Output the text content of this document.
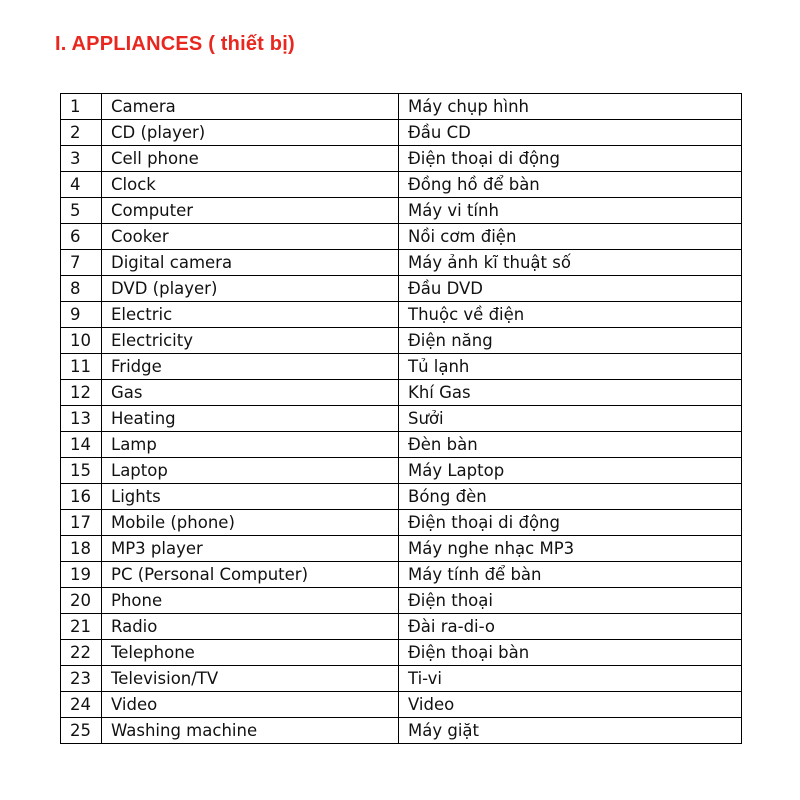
I. APPLIANCES ( thiết bị)
1	Camera	Máy chụp hình
2	CD (player)	Đầu CD
3	Cell phone	Điện thoại di động
4	Clock	Đồng hồ để bàn
5	Computer	Máy vi tính
6	Cooker	Nồi cơm điện
7	Digital camera	Máy ảnh kĩ thuật số
8	DVD (player)	Đầu DVD
9	Electric	Thuộc về điện
10	Electricity	Điện năng
11	Fridge	Tủ lạnh
12	Gas	Khí Gas
13	Heating	Sưởi
14	Lamp	Đèn bàn
15	Laptop	Máy Laptop
16	Lights	Bóng đèn
17	Mobile (phone)	Điện thoại di động
18	MP3 player	Máy nghe nhạc MP3
19	PC (Personal Computer)	Máy tính để bàn
20	Phone	Điện thoại
21	Radio	Đài ra-di-o
22	Telephone	Điện thoại bàn
23	Television/TV	Ti-vi
24	Video	Video
25	Washing machine	Máy giặt
